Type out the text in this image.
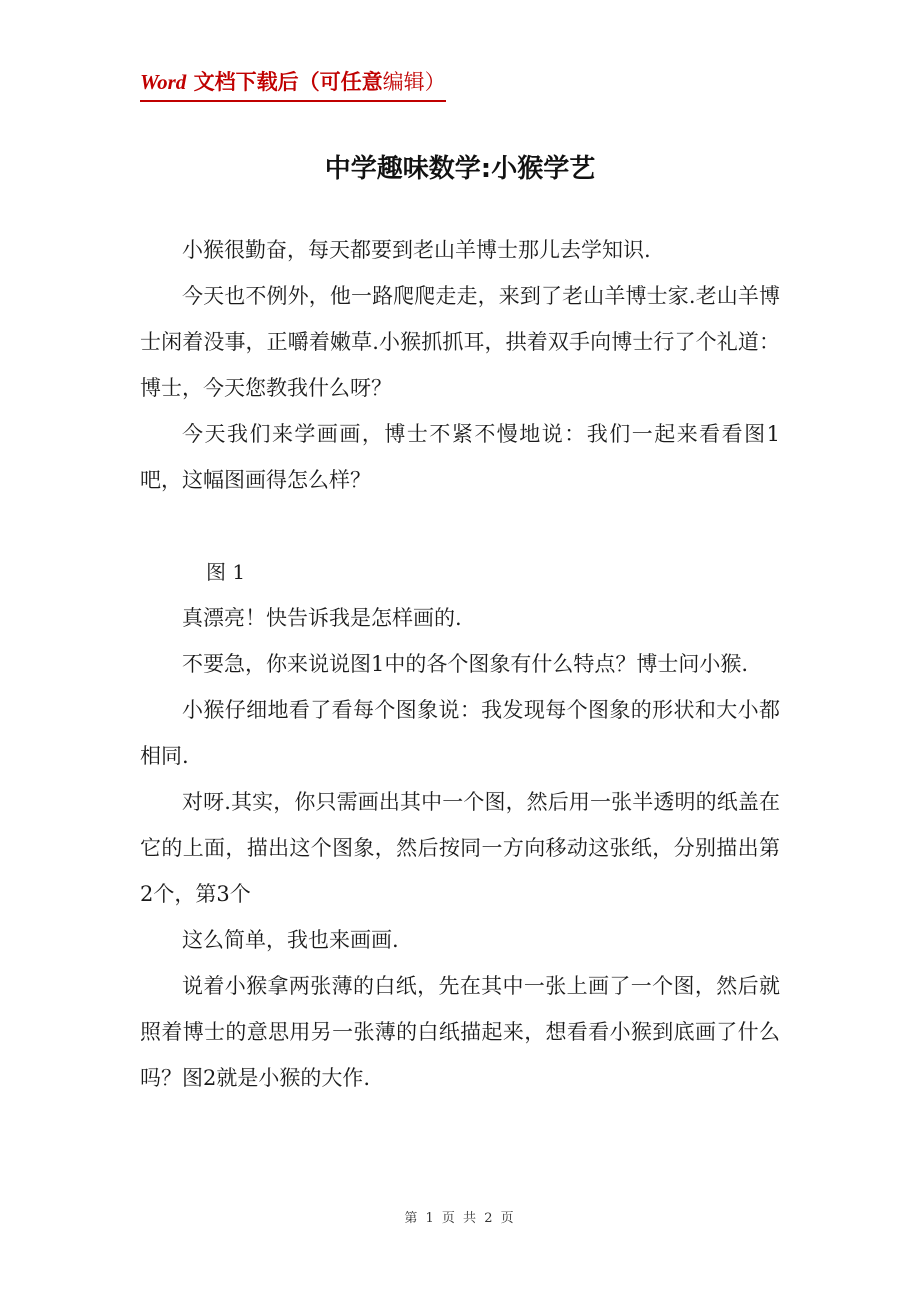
Word 文档下载后（可任意编辑）
中学趣味数学:小猴学艺

小猴很勤奋，每天都要到老山羊博士那儿去学知识.

今天也不例外，他一路爬爬走走，来到了老山羊博士家.老山羊博士闲着没事，正嚼着嫩草.小猴抓抓耳，拱着双手向博士行了个礼道：博士，今天您教我什么呀？

今天我们来学画画，博士不紧不慢地说：我们一起来看看图1吧，这幅图画得怎么样？

图 1

真漂亮！快告诉我是怎样画的.

不要急，你来说说图1中的各个图象有什么特点？博士问小猴.

小猴仔细地看了看每个图象说：我发现每个图象的形状和大小都相同.

对呀.其实，你只需画出其中一个图，然后用一张半透明的纸盖在它的上面，描出这个图象，然后按同一方向移动这张纸，分别描出第2个，第3个

这么简单，我也来画画.

说着小猴拿两张薄的白纸，先在其中一张上画了一个图，然后就照着博士的意思用另一张薄的白纸描起来，想看看小猴到底画了什么吗？图2就是小猴的大作.

第 1 页 共 2 页
